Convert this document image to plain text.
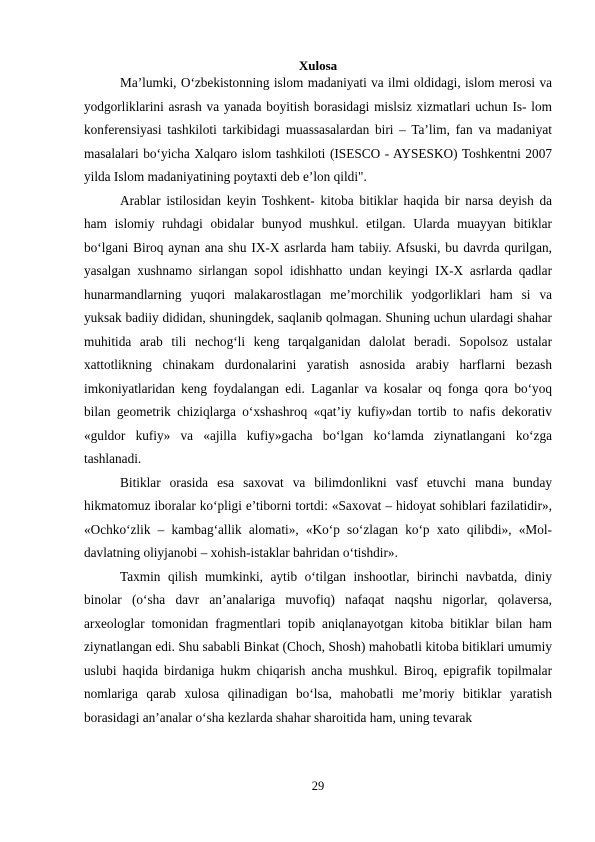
Xulosa

Ma’lumki, O‘zbekistonning islom madaniyati va ilmi oldidagi, islom merosi va yodgorliklarini asrash va yanada boyitish borasidagi mislsiz xizmatlari uchun Is- lom konferensiyasi tashkiloti tarkibidagi muassasalardan biri – Ta’lim, fan va madaniyat masalalari bo‘yicha Xalqaro islom tashkiloti (ISESCO - AYSESKO) Toshkentni 2007 yilda Islom madaniyatining poytaxti deb e’lon qildi".

Arablar istilosidan keyin Toshkent- kitoba bitiklar haqida bir narsa deyish da ham islomiy ruhdagi obidalar bunyod mushkul. etilgan. Ularda muayyan bitiklar bo‘lgani Biroq aynan ana shu IX-X asrlarda ham tabiiy. Afsuski, bu davrda qurilgan, yasalgan xushnamo sirlangan sopol idishhatto undan keyingi IX-X asrlarda qadlar hunarmandlarning yuqori malakarostlagan me’morchilik yodgorliklari ham si va yuksak badiiy dididan, shuningdek, saqlanib qolmagan. Shuning uchun ulardagi shahar muhitida arab tili nechog‘li keng tarqalganidan dalolat beradi. Sopolsoz ustalar xattotlikning chinakam durdonalarini yaratish asnosida arabiy harflarni bezash imkoniyatlaridan keng foydalangan edi. Laganlar va kosalar oq fonga qora bo‘yoq bilan geometrik chiziqlarga o‘xshashroq «qat’iy kufiy»dan tortib to nafis dekorativ «guldor kufiy» va «ajilla kufiy»gacha bo‘lgan ko‘lamda ziynatlangani ko‘zga tashlanadi.

Bitiklar orasida esa saxovat va bilimdonlikni vasf etuvchi mana bunday hikmatomuz iboralar ko‘pligi e’tiborni tortdi: «Saxovat – hidoyat sohiblari fazilatidir», «Ochko‘zlik – kambag‘allik alomati», «Ko‘p so‘zlagan ko‘p xato qilibdi», «Mol-davlatning oliyjanobi – xohish-istaklar bahridan o‘tishdir».

Taxmin qilish mumkinki, aytib o‘tilgan inshootlar, birinchi navbatda, diniy binolar (o‘sha davr an’analariga muvofiq) nafaqat naqshu nigorlar, qolaversa, arxeologlar tomonidan fragmentlari topib aniqlanayotgan kitoba bitiklar bilan ham ziynatlangan edi. Shu sababli Binkat (Choch, Shosh) mahobatli kitoba bitiklari umumiy uslubi haqida birdaniga hukm chiqarish ancha mushkul. Biroq, epigrafik topilmalar nomlariga qarab xulosa qilinadigan bo‘lsa, mahobatli me’moriy bitiklar yaratish borasidagi an’analar o‘sha kezlarda shahar sharoitida ham, uning tevarak

29
